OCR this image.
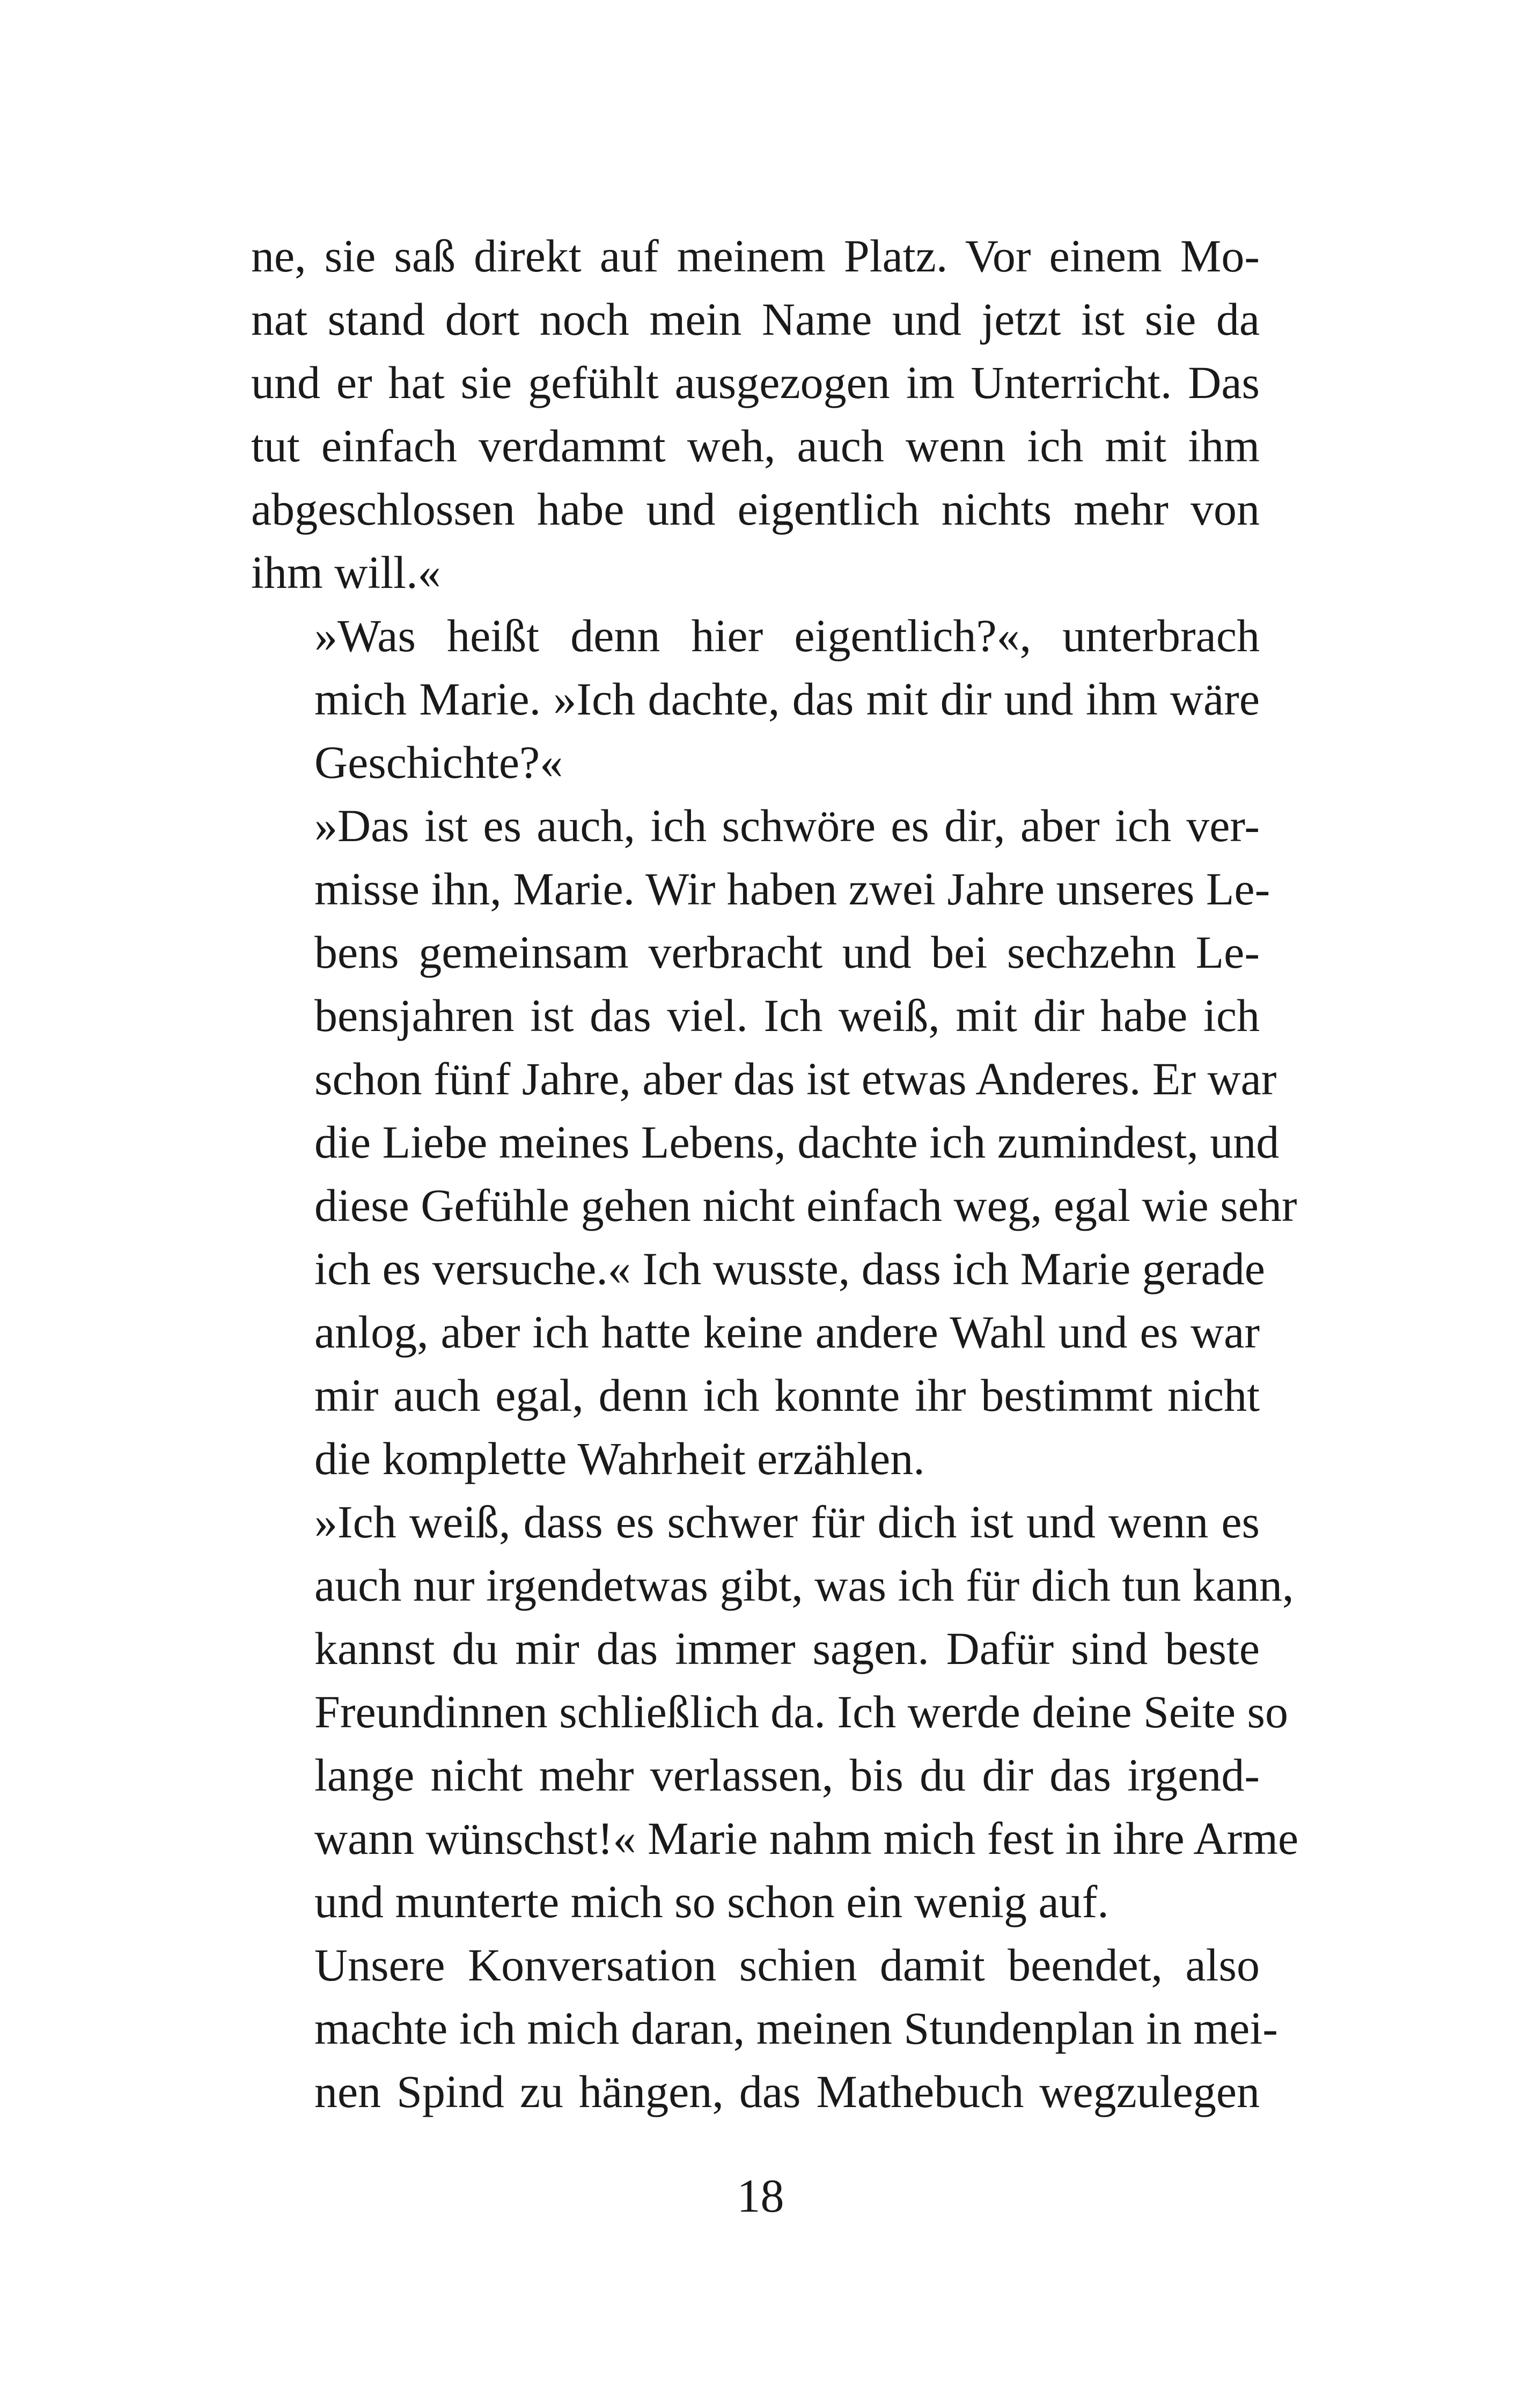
ne, sie saß direkt auf meinem Platz. Vor einem Mo-
nat stand dort noch mein Name und jetzt ist sie da
und er hat sie gefühlt ausgezogen im Unterricht. Das
tut einfach verdammt weh, auch wenn ich mit ihm
abgeschlossen habe und eigentlich nichts mehr von
ihm will.«

»Was heißt denn hier eigentlich?«, unterbrach
mich Marie. »Ich dachte, das mit dir und ihm wäre
Geschichte?«

»Das ist es auch, ich schwöre es dir, aber ich ver-
misse ihn, Marie. Wir haben zwei Jahre unseres Le-
bens gemeinsam verbracht und bei sechzehn Le-
bensjahren ist das viel. Ich weiß, mit dir habe ich
schon fünf Jahre, aber das ist etwas Anderes. Er war
die Liebe meines Lebens, dachte ich zumindest, und
diese Gefühle gehen nicht einfach weg, egal wie sehr
ich es versuche.« Ich wusste, dass ich Marie gerade
anlog, aber ich hatte keine andere Wahl und es war
mir auch egal, denn ich konnte ihr bestimmt nicht
die komplette Wahrheit erzählen.

»Ich weiß, dass es schwer für dich ist und wenn es
auch nur irgendetwas gibt, was ich für dich tun kann,
kannst du mir das immer sagen. Dafür sind beste
Freundinnen schließlich da. Ich werde deine Seite so
lange nicht mehr verlassen, bis du dir das irgend-
wann wünschst!« Marie nahm mich fest in ihre Arme
und munterte mich so schon ein wenig auf.

Unsere Konversation schien damit beendet, also
machte ich mich daran, meinen Stundenplan in mei-
nen Spind zu hängen, das Mathebuch wegzulegen

18
